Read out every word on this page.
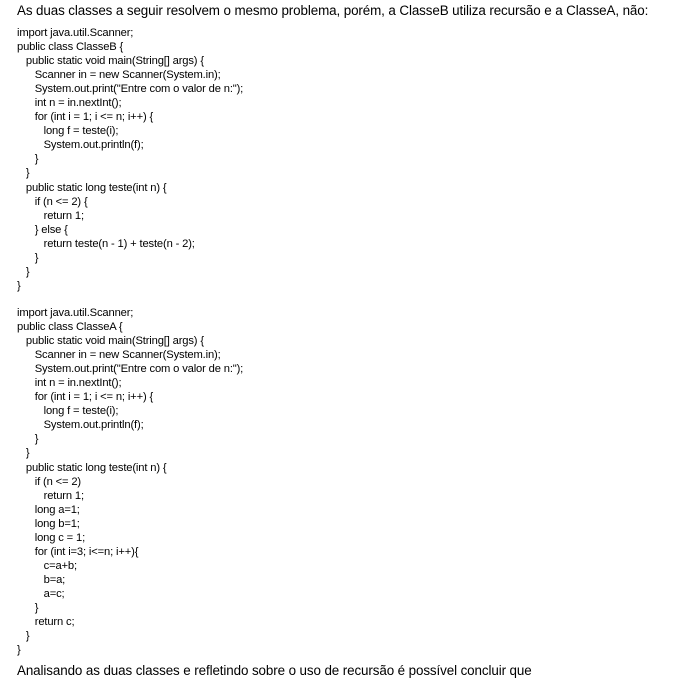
As duas classes a seguir resolvem o mesmo problema, porém, a ClasseB utiliza recursão e a ClasseA, não:
import java.util.Scanner;
public class ClasseB {
public static void main(String[] args) {
Scanner in = new Scanner(System.in);
System.out.print("Entre com o valor de n:");
int n = in.nextInt();
for (int i = 1; i <= n; i++) {
long f = teste(i);
System.out.println(f);
}
}
public static long teste(int n) {
if (n <= 2) {
return 1;
} else {
return teste(n - 1) + teste(n - 2);
}
}
}
import java.util.Scanner;
public class ClasseA {
public static void main(String[] args) {
Scanner in = new Scanner(System.in);
System.out.print("Entre com o valor de n:");
int n = in.nextInt();
for (int i = 1; i <= n; i++) {
long f = teste(i);
System.out.println(f);
}
}
public static long teste(int n) {
if (n <= 2)
return 1;
long a=1;
long b=1;
long c = 1;
for (int i=3; i<=n; i++){
c=a+b;
b=a;
a=c;
}
return c;
}
}
Analisando as duas classes e refletindo sobre o uso de recursão é possível concluir que
